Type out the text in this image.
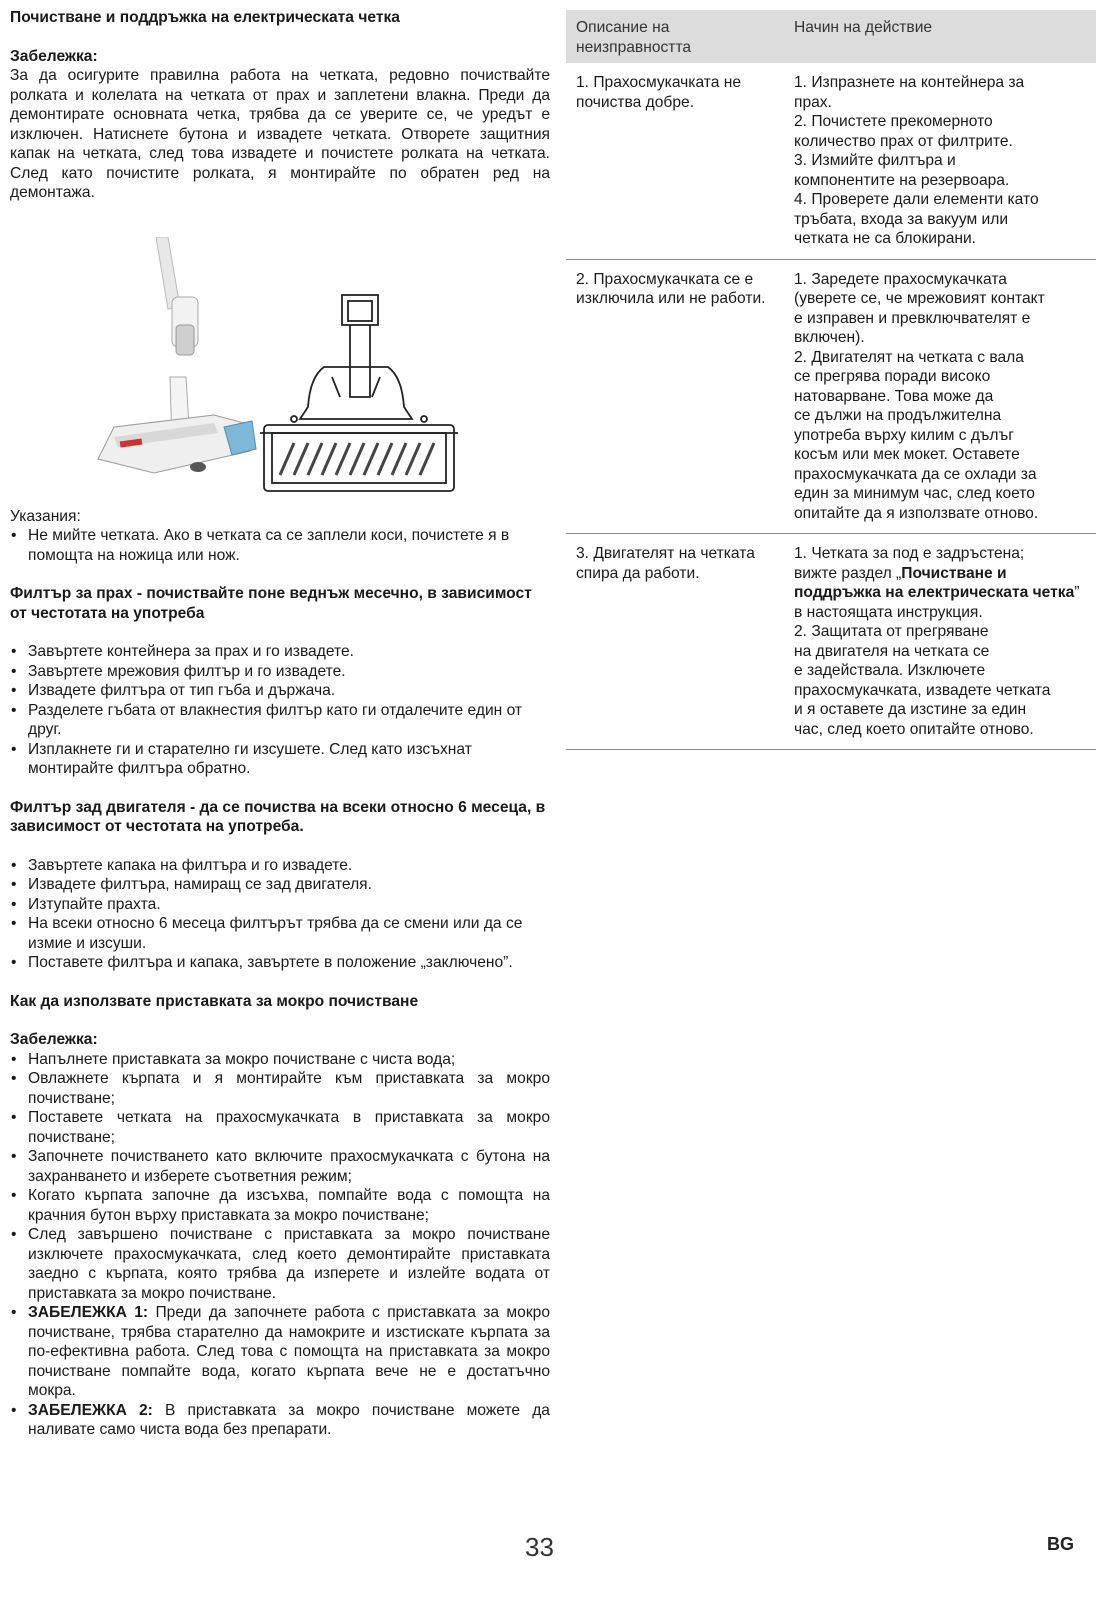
Почистване и поддръжка на електрическата четка

Забележка:

За да осигурите правилна работа на четката, редовно почиствайте ролката и колелата на четката от прах и заплетени влакна. Преди да демонтирате основната четка, трябва да се уверите се, че уредът е изключен. Натиснете бутона и извадете четката. Отворете защитния капак на четката, след това извадете и почистете ролката на четката. След като почистите ролката, я монтирайте по обратен ред на демонтажа.

Указания:

• Не мийте четката. Ако в четката са се заплели коси, почистете я в помощта на ножица или нож.

Филтър за прах - почиствайте поне веднъж месечно, в зависимост от честотата на употреба

• Завъртете контейнера за прах и го извадете.
• Завъртете мрежовия филтър и го извадете.
• Извадете филтъра от тип гъба и държача.
• Разделете гъбата от влакнестия филтър като ги отдалечите един от друг.
• Изплакнете ги и старателно ги изсушете. След като изсъхнат монтирайте филтъра обратно.

Филтър зад двигателя - да се почиства на всеки относно 6 месеца, в зависимост от честотата на употреба.

• Завъртете капака на филтъра и го извадете.
• Извадете филтъра, намиращ се зад двигателя.
• Изтупайте прахта.
• На всеки относно 6 месеца филтърът трябва да се смени или да се измие и изсуши.
• Поставете филтъра и капака, завъртете в положение „заключено”.

Как да използвате приставката за мокро почистване

Забележка:

• Напълнете приставката за мокро почистване с чиста вода;
• Овлажнете кърпата и я монтирайте към приставката за мокро почистване;
• Поставете четката на прахосмукачката в приставката за мокро почистване;
• Започнете почистването като включите прахосмукачката с бутона на захранването и изберете съответния режим;
• Когато кърпата започне да изсъхва, помпайте вода с помощта на крачния бутон върху приставката за мокро почистване;
• След завършено почистване с приставката за мокро почистване изключете прахосмукачката, след което демонтирайте приставката заедно с кърпата, която трябва да изперете и излейте водата от приставката за мокро почистване.
• ЗАБЕЛЕЖКА 1: Преди да започнете работа с приставката за мокро почистване, трябва старателно да намокрите и изстискате кърпата за по-ефективна работа. След това с помощта на приставката за мокро почистване помпайте вода, когато кърпата вече не е достатъчно мокра.
• ЗАБЕЛЕЖКА 2: В приставката за мокро почистване можете да наливате само чиста вода без препарати.
Описание на
неизправността
Начин на действие
1. Прахосмукачката не почиства добре.
1. Изпразнете на контейнера за
прах.
2. Почистете прекомерното
количество прах от филтрите.
3. Измийте филтъра и
компонентите на резервоара.
4. Проверете дали елементи като
тръбата, входа за вакуум или
четката не са блокирани.
2. Прахосмукачката се е изключила или не работи.
1. Заредете прахосмукачката
(уверете се, че мрежовият контакт
е изправен и превключвателят е
включен).
2. Двигателят на четката с вала
се прегрява поради високо
натоварване. Това може да
се дължи на продължителна
употреба върху килим с дълъг
косъм или мек мокет. Оставете
прахосмукачката да се охлади за
един за минимум час, след което
опитайте да я използвате отново.
3. Двигателят на четката спира да работи.
1. Четката за под е задръстена;
вижте раздел „Почистване и поддръжка на електрическата четка”
в настоящата инструкция.
2. Защитата от прегряване
на двигателя на четката се
е задействала. Изключете
прахосмукачката, извадете четката
и я оставете да изстине за един
час, след което опитайте отново.
33	BG
